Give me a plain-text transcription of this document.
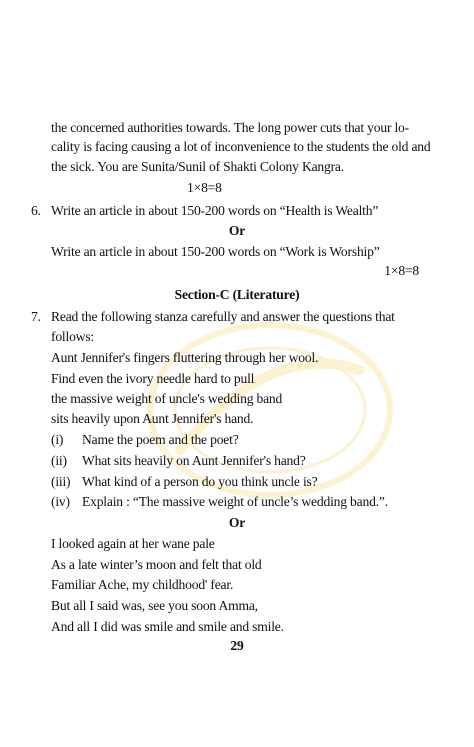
the concerned authorities towards. The long power cuts that your lo-
cality is facing causing a lot of inconvenience to the students the old and
the sick. You are Sunita/Sunil of Shakti Colony Kangra.
1×8=8
6. Write an article in about 150-200 words on “Health is Wealth”
Or
Write an article in about 150-200 words on “Work is Worship”
1×8=8
Section-C (Literature)
7. Read the following stanza carefully and answer the questions that
follows:
Aunt Jennifer's fingers fluttering through her wool.
Find even the ivory needle hard to pull
the massive weight of uncle's wedding band
sits heavily upon Aunt Jennifer's hand.
(i) Name the poem and the poet?
(ii) What sits heavily on Aunt Jennifer's hand?
(iii) What kind of a person do you think uncle is?
(iv) Explain : “The massive weight of uncle’s wedding band.”.
Or
I looked again at her wane pale
As a late winter’s moon and felt that old
Familiar Ache, my childhood' fear.
But all I said was, see you soon Amma,
And all I did was smile and smile and smile.
29
